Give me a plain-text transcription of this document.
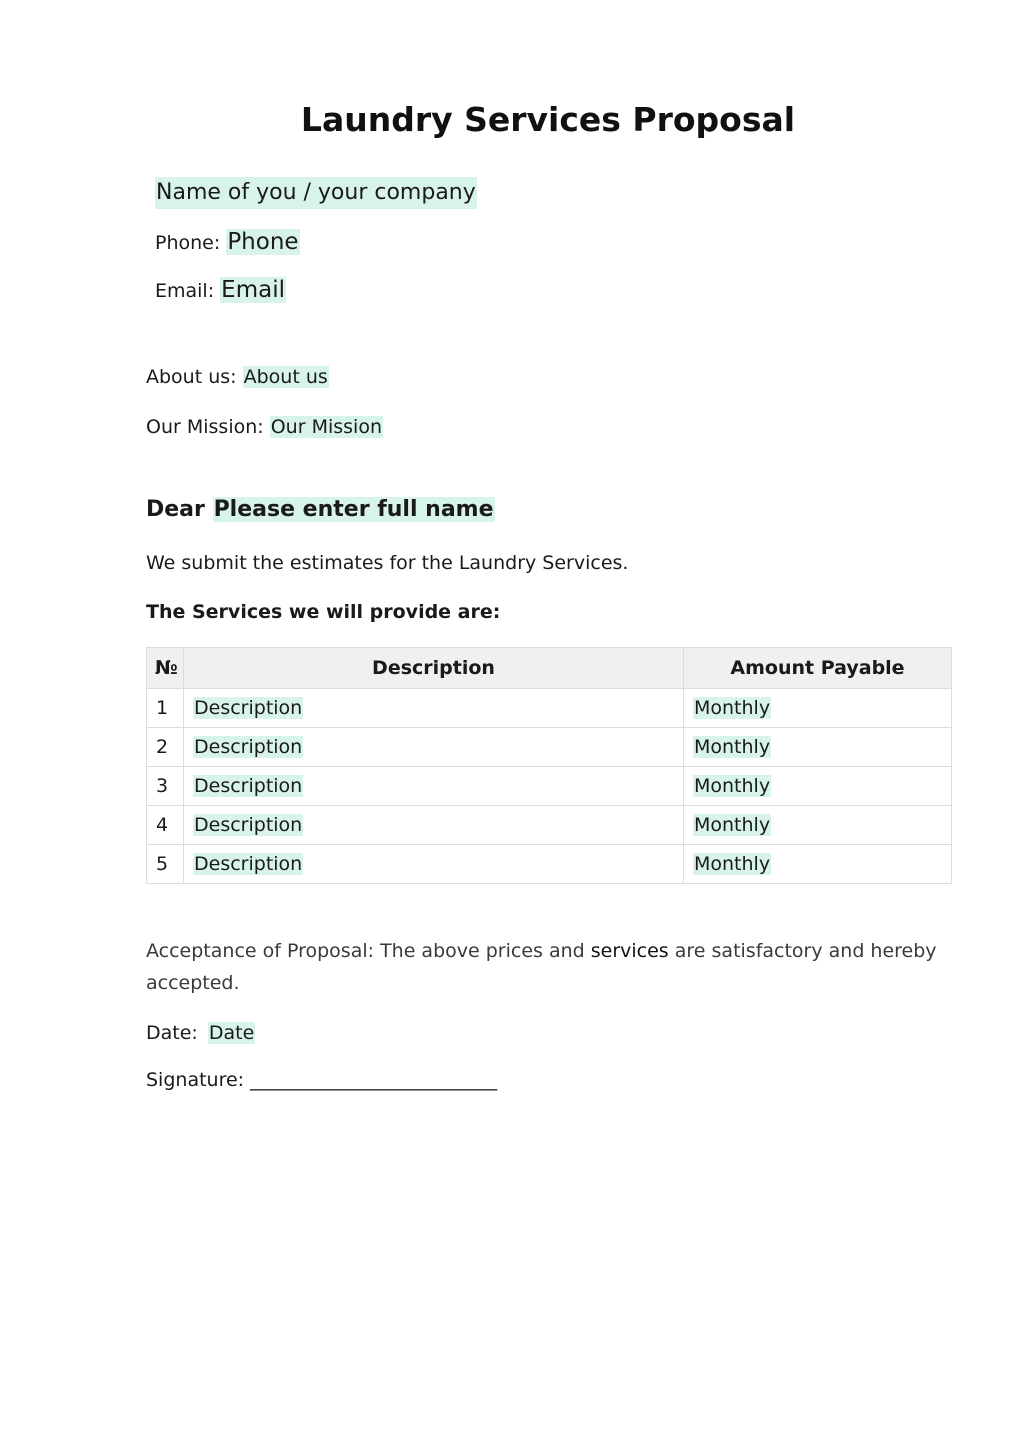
Laundry Services Proposal
Name of you / your company
Phone: Phone
Email: Email
About us: About us
Our Mission: Our Mission
Dear Please enter full name
We submit the estimates for the Laundry Services.
The Services we will provide are:
№	Description	Amount Payable
1	Description	Monthly
2	Description	Monthly
3	Description	Monthly
4	Description	Monthly
5	Description	Monthly
Acceptance of Proposal: The above prices and services are satisfactory and hereby accepted.
Date: Date
Signature: __________________________
